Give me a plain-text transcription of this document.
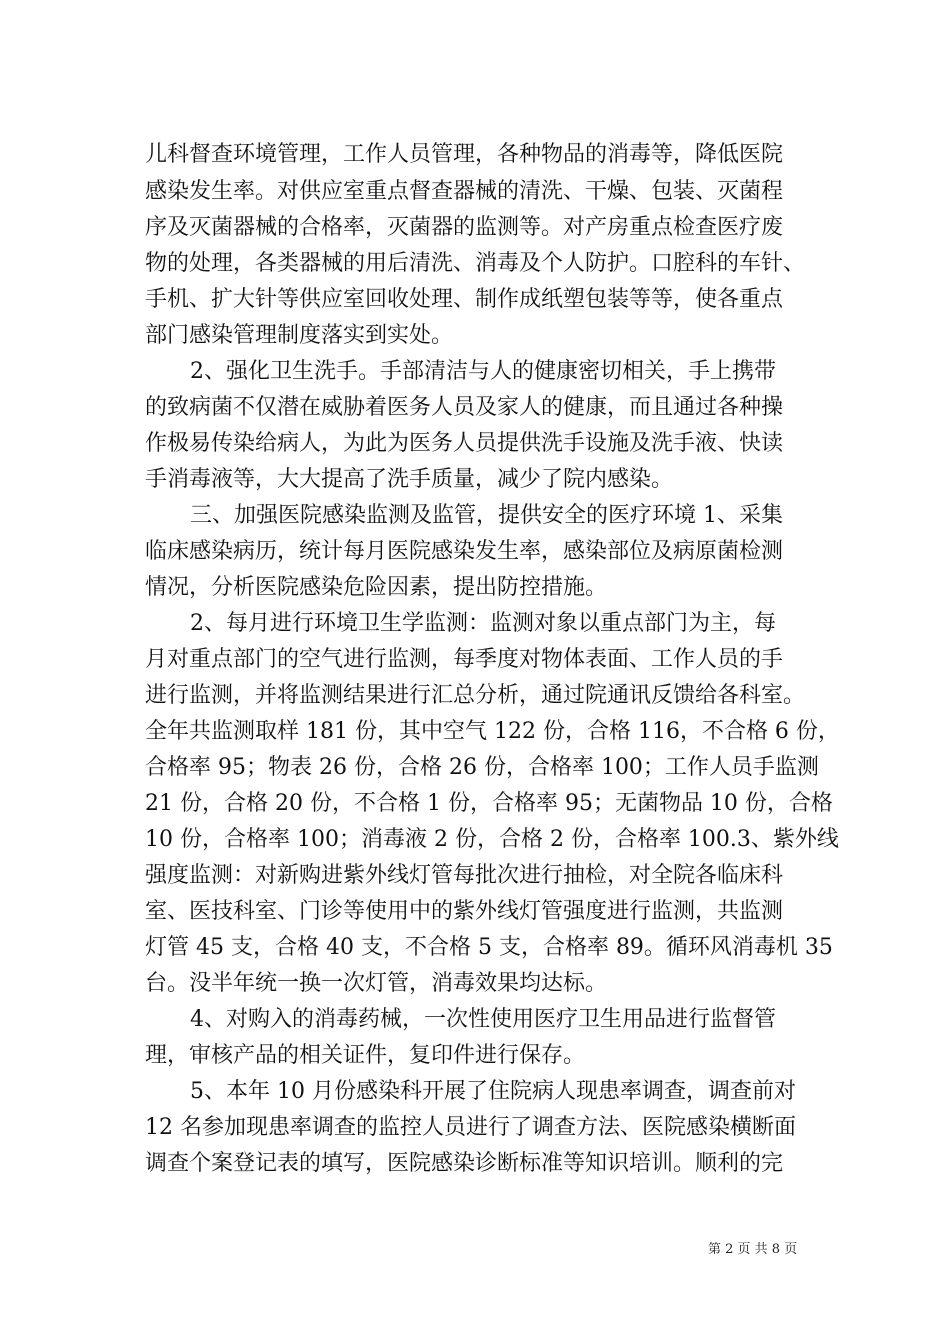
儿科督查环境管理，工作人员管理，各种物品的消毒等，降低医院
感染发生率。对供应室重点督查器械的清洗、干燥、包装、灭菌程
序及灭菌器械的合格率，灭菌器的监测等。对产房重点检查医疗废
物的处理，各类器械的用后清洗、消毒及个人防护。口腔科的车针、
手机、扩大针等供应室回收处理、制作成纸塑包装等等，使各重点
部门感染管理制度落实到实处。
2、强化卫生洗手。手部清洁与人的健康密切相关，手上携带
的致病菌不仅潜在威胁着医务人员及家人的健康，而且通过各种操
作极易传染给病人，为此为医务人员提供洗手设施及洗手液、快读
手消毒液等，大大提高了洗手质量，减少了院内感染。
三、加强医院感染监测及监管，提供安全的医疗环境 1、采集
临床感染病历，统计每月医院感染发生率，感染部位及病原菌检测
情况，分析医院感染危险因素，提出防控措施。
2、每月进行环境卫生学监测：监测对象以重点部门为主，每
月对重点部门的空气进行监测，每季度对物体表面、工作人员的手
进行监测，并将监测结果进行汇总分析，通过院通讯反馈给各科室。
全年共监测取样 181 份，其中空气 122 份，合格 116，不合格 6 份，
合格率 95；物表 26 份，合格 26 份，合格率 100；工作人员手监测
21 份，合格 20 份，不合格 1 份，合格率 95；无菌物品 10 份，合格
10 份，合格率 100；消毒液 2 份，合格 2 份，合格率 100.3、紫外线
强度监测：对新购进紫外线灯管每批次进行抽检，对全院各临床科
室、医技科室、门诊等使用中的紫外线灯管强度进行监测，共监测
灯管 45 支，合格 40 支，不合格 5 支，合格率 89。循环风消毒机 35
台。没半年统一换一次灯管，消毒效果均达标。
4、对购入的消毒药械，一次性使用医疗卫生用品进行监督管
理，审核产品的相关证件，复印件进行保存。
5、本年 10 月份感染科开展了住院病人现患率调查，调查前对
12 名参加现患率调查的监控人员进行了调查方法、医院感染横断面
调查个案登记表的填写，医院感染诊断标准等知识培训。顺利的完
第 2 页 共 8 页
